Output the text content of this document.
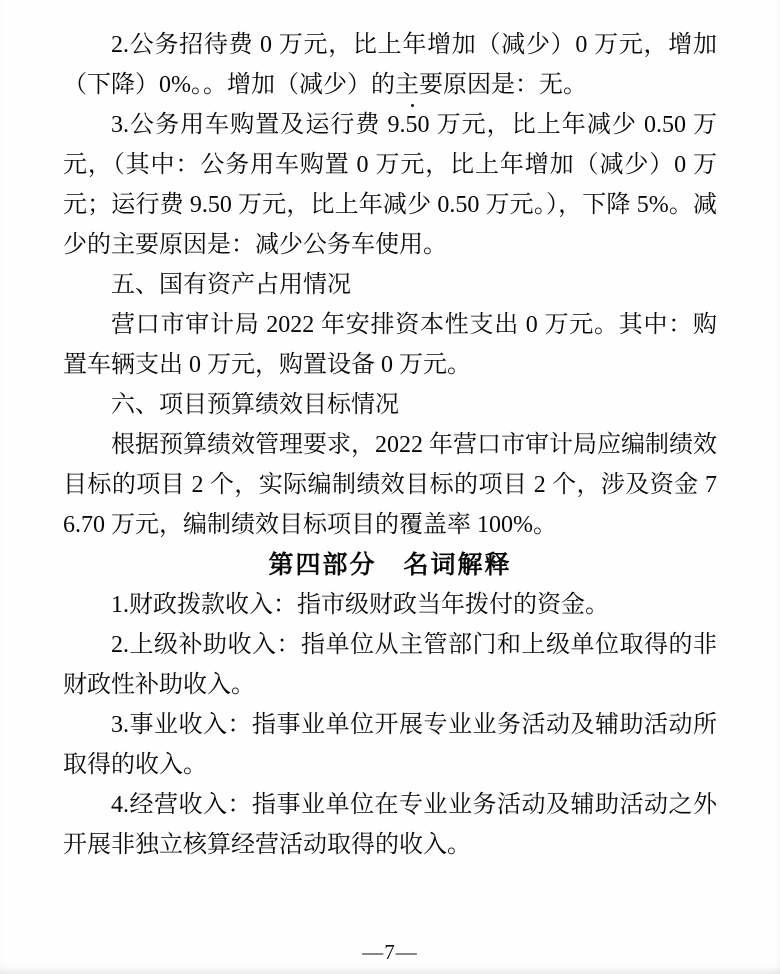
2.公务招待费 0 万元，比上年增加（减少）0 万元，增加（下降）0%。。增加（减少）的主要原因是：无。

3.公务用车购置及运行费 9.50 万元，比上年减少 0.50 万元，（其中：公务用车购置 0 万元，比上年增加（减少）0 万元；运行费 9.50 万元，比上年减少 0.50 万元。），下降 5%。减少的主要原因是：减少公务车使用。

五、国有资产占用情况

营口市审计局 2022 年安排资本性支出 0 万元。其中：购置车辆支出 0 万元，购置设备 0 万元。

六、项目预算绩效目标情况

根据预算绩效管理要求，2022 年营口市审计局应编制绩效目标的项目 2 个，实际编制绩效目标的项目 2 个，涉及资金 76.70 万元，编制绩效目标项目的覆盖率 100%。

第四部分　名词解释

1.财政拨款收入：指市级财政当年拨付的资金。

2.上级补助收入：指单位从主管部门和上级单位取得的非财政性补助收入。

3.事业收入：指事业单位开展专业业务活动及辅助活动所取得的收入。

4.经营收入：指事业单位在专业业务活动及辅助活动之外开展非独立核算经营活动取得的收入。

—7—
